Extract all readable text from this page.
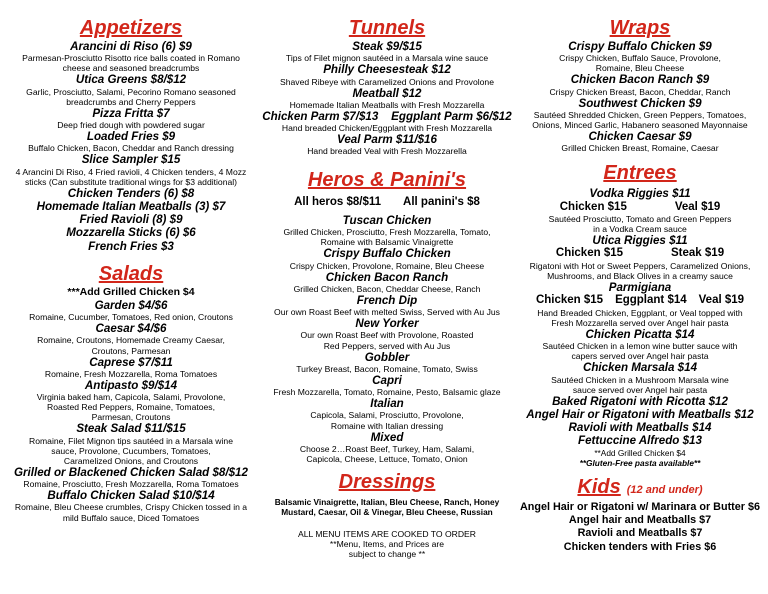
Appetizers
Arancini di Riso (6) $9
Parmesan-Prosciutto Risotto rice balls coated in Romano
cheese and seasoned breadcrumbs
Utica Greens $8/$12
Garlic, Prosciutto, Salami, Pecorino Romano seasoned
breadcrumbs and Cherry Peppers
Pizza Fritta $7
Deep fried dough with powdered sugar
Loaded Fries $9
Buffalo Chicken, Bacon, Cheddar and Ranch dressing
Slice Sampler $15
4 Arancini Di Riso, 4 Fried ravioli, 4 Chicken tenders, 4 Mozz
sticks (Can substitute traditional wings for $3 additional)
Chicken Tenders (6) $8
Homemade Italian Meatballs (3) $7
Fried Ravioli (8) $9
Mozzarella Sticks (6) $6
French Fries $3
Salads
***Add Grilled Chicken $4
Garden $4/$6
Romaine, Cucumber, Tomatoes, Red onion, Croutons
Caesar $4/$6
Romaine, Croutons, Homemade Creamy Caesar,
Croutons, Parmesan
Caprese $7/$11
Romaine, Fresh Mozzarella, Roma Tomatoes
Antipasto $9/$14
Virginia baked ham, Capicola, Salami, Provolone,
Roasted Red Peppers, Romaine, Tomatoes,
Parmesan, Croutons
Steak Salad $11/$15
Romaine, Filet Mignon tips sautéed in a Marsala wine
sauce, Provolone, Cucumbers, Tomatoes,
Caramelized Onions, and Croutons
Grilled or Blackened Chicken Salad $8/$12
Romaine, Prosciutto, Fresh Mozzarella, Roma Tomatoes
Buffalo Chicken Salad $10/$14
Romaine, Bleu Cheese crumbles, Crispy Chicken tossed in a
mild Buffalo sauce, Diced Tomatoes
Tunnels
Steak $9/$15
Tips of Filet mignon sautéed in a Marsala wine sauce
Philly Cheesesteak $12
Shaved Ribeye with Caramelized Onions and Provolone
Meatball $12
Homemade Italian Meatballs with Fresh Mozzarella
Chicken Parm $7/$13    Eggplant Parm $6/$12
Hand breaded Chicken/Eggplant with Fresh Mozzarella
Veal Parm $11/$16
Hand breaded Veal with Fresh Mozzarella
Heros & Panini's
All heros $8/$11 All panini's $8
Tuscan Chicken
Grilled Chicken, Prosciutto, Fresh Mozzarella, Tomato,
Romaine with Balsamic Vinaigrette
Crispy Buffalo Chicken
Crispy Chicken, Provolone, Romaine, Bleu Cheese
Chicken Bacon Ranch
Grilled Chicken, Bacon, Cheddar Cheese, Ranch
French Dip
Our own Roast Beef with melted Swiss, Served with Au Jus
New Yorker
Our own Roast Beef with Provolone, Roasted
Red Peppers, served with Au Jus
Gobbler
Turkey Breast, Bacon, Romaine, Tomato, Swiss
Capri
Fresh Mozzarella, Tomato, Romaine, Pesto, Balsamic glaze
Italian
Capicola, Salami, Prosciutto, Provolone,
Romaine with Italian dressing
Mixed
Choose 2…Roast Beef, Turkey, Ham, Salami,
Capicola, Cheese, Lettuce, Tomato, Onion
Dressings
Balsamic Vinaigrette, Italian, Bleu Cheese, Ranch, Honey
Mustard, Caesar, Oil & Vinegar, Bleu Cheese, Russian
ALL MENU ITEMS ARE COOKED TO ORDER
**Menu, Items, and Prices are
subject to change **
Wraps
Crispy Buffalo Chicken $9
Crispy Chicken, Buffalo Sauce, Provolone,
Romaine, Bleu Cheese
Chicken Bacon Ranch $9
Crispy Chicken Breast, Bacon, Cheddar, Ranch
Southwest Chicken $9
Sautéed Shredded Chicken, Green Peppers, Tomatoes,
Onions, Minced Garlic, Habanero seasoned Mayonnaise
Chicken Caesar $9
Grilled Chicken Breast, Romaine, Caesar
Entrees
Vodka Riggies $11
Chicken $15	Veal $19
Sautéed Prosciutto, Tomato and Green Peppers
in a Vodka Cream sauce
Utica Riggies $11
Chicken $15	Steak $19
Rigatoni with Hot or Sweet Peppers, Caramelized Onions,
Mushrooms, and Black Olives in a creamy sauce
Parmigiana
Chicken $15 Eggplant $14 Veal $19
Hand Breaded Chicken, Eggplant, or Veal topped with
Fresh Mozzarella served over Angel hair pasta
Chicken Picatta $14
Sautéed Chicken in a lemon wine butter sauce with
capers served over Angel hair pasta
Chicken Marsala $14
Sautéed Chicken in a Mushroom Marsala wine
sauce served over Angel hair pasta
Baked Rigatoni with Ricotta $12
Angel Hair or Rigatoni with Meatballs $12
Ravioli with Meatballs $14
Fettuccine Alfredo $13
**Add Grilled Chicken $4
**Gluten-Free pasta available**
Kids (12 and under)
Angel Hair or Rigatoni w/ Marinara or Butter $6
Angel hair and Meatballs $7
Ravioli and Meatballs $7
Chicken tenders with Fries $6
